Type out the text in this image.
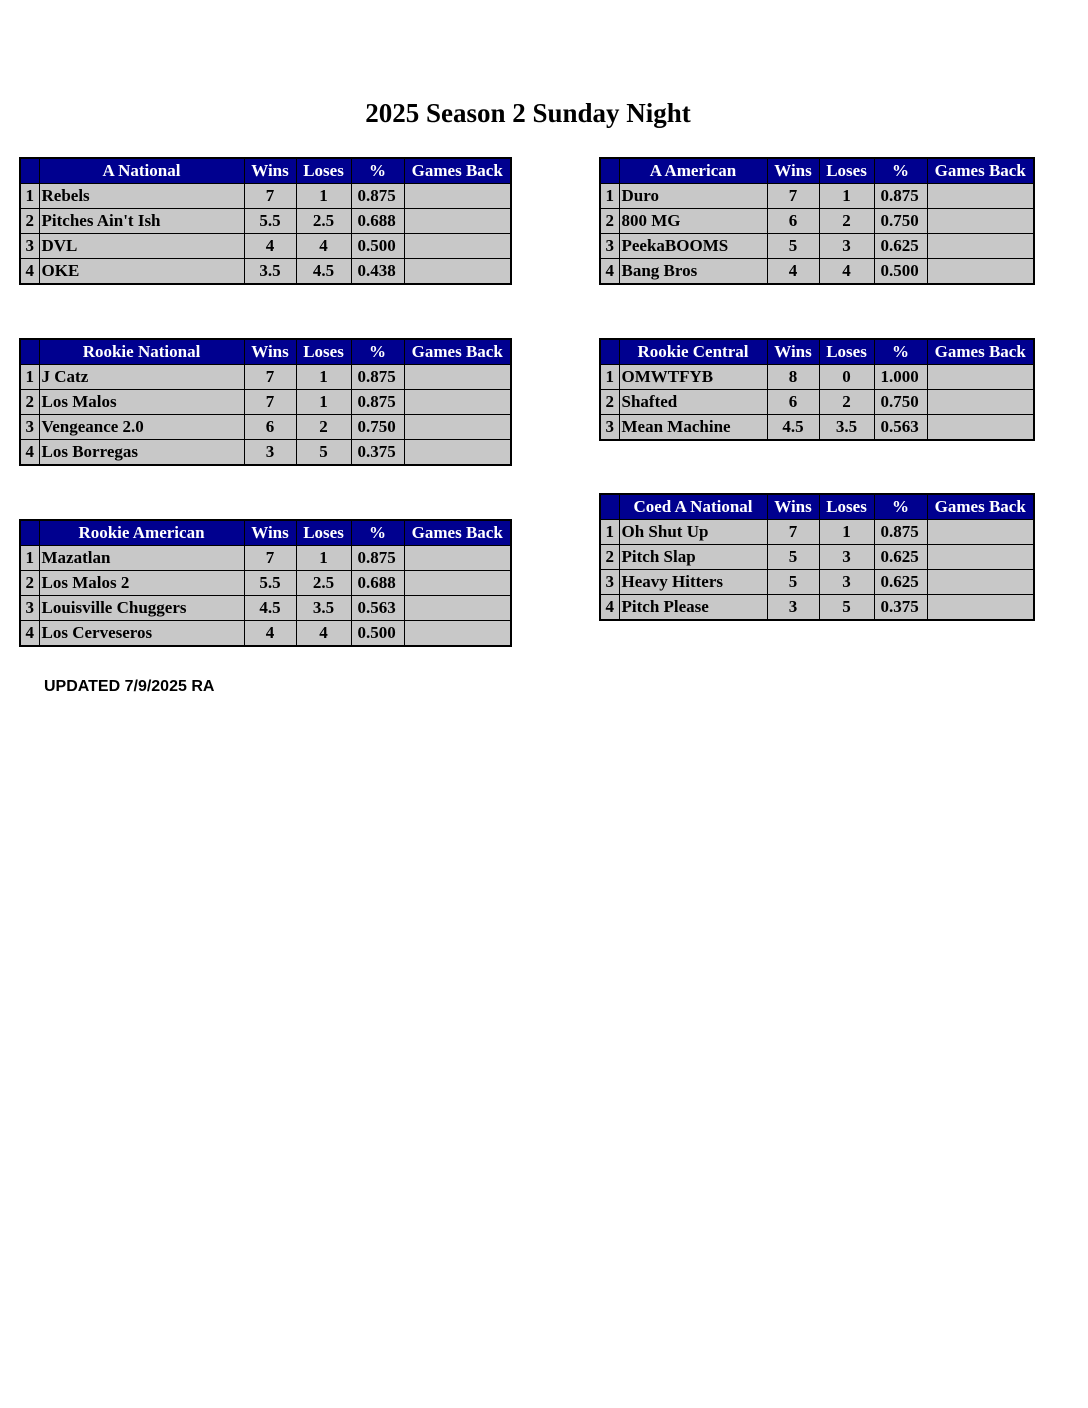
2025 Season 2 Sunday Night
	A National	Wins	Loses	%	Games Back
1	Rebels	7	1	0.875	
2	Pitches Ain't Ish	5.5	2.5	0.688	
3	DVL	4	4	0.500	
4	OKE	3.5	4.5	0.438	
	A American	Wins	Loses	%	Games Back
1	Duro	7	1	0.875	
2	800 MG	6	2	0.750	
3	PeekaBOOMS	5	3	0.625	
4	Bang Bros	4	4	0.500	
	Rookie National	Wins	Loses	%	Games Back
1	J Catz	7	1	0.875	
2	Los Malos	7	1	0.875	
3	Vengeance 2.0	6	2	0.750	
4	Los Borregas	3	5	0.375	
	Rookie Central	Wins	Loses	%	Games Back
1	OMWTFYB	8	0	1.000	
2	Shafted	6	2	0.750	
3	Mean Machine	4.5	3.5	0.563	
	Coed A National	Wins	Loses	%	Games Back
1	Oh Shut Up	7	1	0.875	
2	Pitch Slap	5	3	0.625	
3	Heavy Hitters	5	3	0.625	
4	Pitch Please	3	5	0.375	
	Rookie American	Wins	Loses	%	Games Back
1	Mazatlan	7	1	0.875	
2	Los Malos 2	5.5	2.5	0.688	
3	Louisville Chuggers	4.5	3.5	0.563	
4	Los Cerveseros	4	4	0.500	
UPDATED 7/9/2025 RA
